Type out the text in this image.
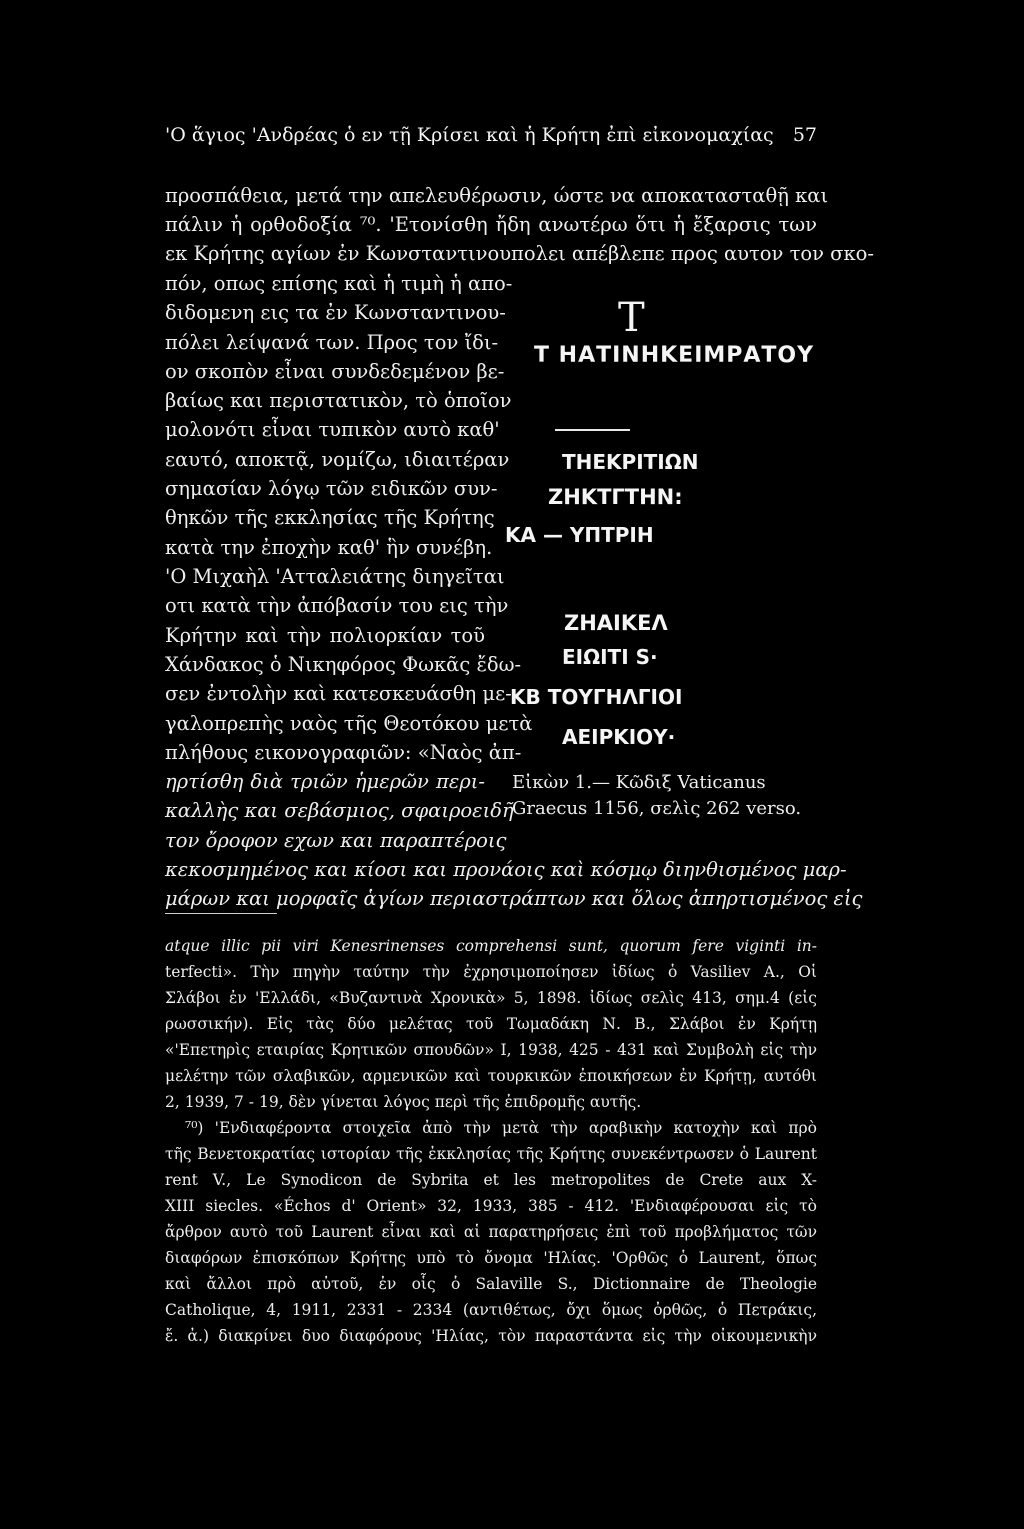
'Ο ἅγιος 'Ανδρέας ὁ εν τῇ Κρίσει καὶ ἡ Κρήτη ἐπὶ εἰκονομαχίας 57
προσπάθεια, μετά την απελευθέρωσιν, ώστε να αποκατασταθῇ και
πάλιν ἡ ορθοδοξία ⁷⁰. 'Ετονίσθη ἤδη ανωτέρω ὅτι ἡ ἔξαρσις των
εκ Κρήτης αγίων ἐν Κωνσταντινουπολει απέβλεπε προς αυτον τον σκο-
πόν, οπως επίσης καὶ ἡ τιμὴ ἡ απο-
διδομενη εις τα ἐν Κωνσταντινου-
πόλει λείψανά των. Προς τον ἴδι-
ον σκοπὸν εἶναι συνδεδεμένον βε-
βαίως και περιστατικὸν, τὸ ὁποῖον
μολονότι εἶναι τυπικὸν αυτὸ καθ'
εαυτό, αποκτᾷ, νομίζω, ιδιαιτέραν
σημασίαν λόγῳ τῶν ειδικῶν συν-
θηκῶν τῆς εκκλησίας τῆς Κρήτης
κατὰ την ἐποχὴν καθ' ἣν συνέβη.
'Ο Μιχαὴλ 'Ατταλειάτης διηγεῖται
οτι κατὰ τὴν ἀπόβασίν του εις τὴν
Κρήτην καὶ τὴν πολιορκίαν τοῦ
Χάνδακος ὁ Νικηφόρος Φωκᾶς ἔδω-
σεν ἐντολὴν καὶ κατεσκευάσθη με-
γαλοπρεπὴς ναὸς τῆς Θεοτόκου μετὰ
πλήθους εικονογραφιῶν: «Ναὸς ἀπ-
ηρτίσθη διὰ τριῶν ἡμερῶν περι-
καλλὴς και σεβάσμιος, σφαιροειδῆ
τον ὄροφον εχων και παραπτέροις
κεκοσμημένος και κίοσι και προνάοις καὶ κόσμῳ διηνθισμένος μαρ-
μάρων και μορφαῖς ἁγίων περιαστράπτων και ὅλως ἀπηρτισμένος εἰς
T
Τ ΗΑΤΙΝΗΚΕΙΜΡΑΤΟΥ
ΤΗΕΚΡΙΤΙΩΝ
ΖΗΚΤΓΤΗΝ:
ΚΑ — ΥΠΤΡΙΗ
ΖΗΑΙΚΕΛ
ΕΙΩΙΤΙ S·
ΚΒ ΤΟΥΓΗΛΓΙΟΙ
ΑΕΙΡΚΙΟΥ·
Εἰκὼν 1.— Κῶδιξ Vaticanus
Graecus 1156, σελὶς 262 verso.
atque illic pii viri Kenesrinenses comprehensi sunt, quorum fere viginti in-
terfecti». Τὴν πηγὴν ταύτην τὴν ἐχρησιμοποίησεν ἰδίως ὁ Vasiliev A., Οἱ
Σλάβοι ἐν 'Ελλάδι, «Βυζαντινὰ Χρονικὰ» 5, 1898. ἰδίως σελὶς 413, σημ.4 (εἰς
ρωσσικήν). Εἰς τὰς δύο μελέτας τοῦ Τωμαδάκη Ν. Β., Σλάβοι ἐν Κρήτῃ
«'Επετηρὶς εταιρίας Κρητικῶν σπουδῶν» I, 1938, 425 - 431 καὶ Συμβολὴ εἰς τὴν
μελέτην τῶν σλαβικῶν, αρμενικῶν καὶ τουρκικῶν ἐποικήσεων ἐν Κρήτῃ, αυτόθι
2, 1939, 7 - 19, δὲν γίνεται λόγος περὶ τῆς ἐπιδρομῆς αυτῆς.
⁷⁰) 'Ενδιαφέροντα στοιχεῖα ἀπὸ τὴν μετὰ τὴν αραβικὴν κατοχὴν καὶ πρὸ
τῆς Βενετοκρατίας ιστορίαν τῆς ἐκκλησίας τῆς Κρήτης συνεκέντρωσεν ὁ Laurent
rent V., Le Synodicon de Sybrita et les metropolites de Crete aux X-
XIII siecles. «Échos d' Orient» 32, 1933, 385 - 412. 'Ενδιαφέρουσαι εἰς τὸ
ἄρθρον αυτὸ τοῦ Laurent εἶναι καὶ αἱ παρατηρήσεις ἐπὶ τοῦ προβλήματος τῶν
διαφόρων ἐπισκόπων Κρήτης υπὸ τὸ ὄνομα 'Ηλίας. 'Ορθῶς ὁ Laurent, ὅπως
καὶ ἄλλοι πρὸ αὐτοῦ, ἐν οἷς ὁ Salaville S., Dictionnaire de Theologie
Catholique, 4, 1911, 2331 - 2334 (αντιθέτως, ὄχι ὅμως ὀρθῶς, ὁ Πετράκις,
ἔ. ἀ.) διακρίνει δυο διαφόρους 'Ηλίας, τὸν παραστάντα εἰς τὴν οἰκουμενικὴν
